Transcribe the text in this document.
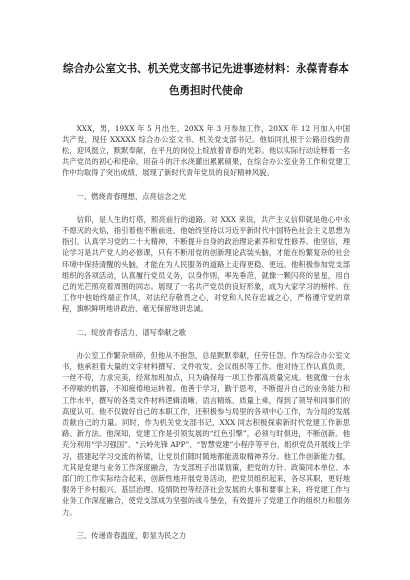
综合办公室文书、机关党支部书记先进事迹材料：永葆青春本色勇担时代使命

XXX，男，19XX 年 5 月出生，20XX 年 3 月参加工作，20XX 年 12 月加入中国共产党，现任 XXXXX 综合办公室文书、机关党支部书记。他如同扎根于公路沿线的青松，迎风挺立，默默奉献，在平凡的岗位上绽放着青春的光彩。他以实际行动诠释着一名共产党员的初心和使命，用奋斗的汗水浇灌出累累硕果，在综合办公室业务工作和党建工作中均取得了突出成绩，展现了新时代青年党员的良好精神风貌。

一、燃烧青春理想，点亮信念之光

信仰，是人生的灯塔，照亮前行的道路。对 XXX 来说，共产主义信仰就是他心中永不熄灭的火焰，指引着他不断前进。他始终坚持以习近平新时代中国特色社会主义思想为指引，认真学习党的二十大精神，不断提升自身的政治理论素养和党性修养。他坚信，理论学习是共产党人的必修课，只有不断用党的创新理论武装头脑，才能在纷繁复杂的社会环境中保持清醒的头脑，才能在为人民服务的道路上走得更稳、更远。他积极参加党支部组织的各项活动，认真履行党员义务，以身作则，率先垂范，就像一颗闪亮的星星，用自己的光芒照亮着周围的同志。展现了一名共产党员的良好形象，成为大家学习的榜样。在工作中他始终端正作风，对法纪存敬畏之心，对党和人民存忠诚之心，严格遵守党的章程，旗帜鲜明地讲政治，毫无保留地讲忠诚。

二、绽放青春活力，谱写奉献之歌

办公室工作繁杂琐碎，但他从不抱怨，总是默默奉献，任劳任怨。作为综合办公室文书，他承担着大量的文字材料撰写、文件收发、会议组织等工作。他对待工作认真负责，一丝不苟，力求完美，经常加班加点，只为确保每一项工作都高质量完成。他就像一台永不停歇的机器，不知疲倦地运转着。他善于学习，勤于思考，不断提升自己的业务能力和工作水平，撰写的各类文件材料逻辑清晰、语言精炼、质量上乘，得到了领导和同事们的高度认可。他不仅做好自己的本职工作，还积极参与局里的各项中心工作，为分局的发展贡献自己的力量。同时，作为机关党支部书记，XXX 同志积极探索新时代党建工作新思路、新方法。他深知，党建工作是引领发展的“红色引擎”，必须与时俱进，不断创新。他充分利用“学习强国”、“云岭先锋 APP”、“智慧党建”小程序等平台，组织党员开展线上学习，搭建起学习交流的桥梁，让党员们随时随地都能汲取精神养分。他工作创新能力强，尤其是党建与业务工作深度融合，为支部班子出谋划策，把党的方针、政策同本单位、本部门的工作实际结合起来，创新性地开展党务活动，把党员组织起来，各尽其职，更好地服务于乡村振兴、基层治理、疫情防控等经济社会发展的大事和要事上来，将党建工作与业务工作深度融合，使党支部成为坚强的战斗堡垒，有效提升了党建工作的组织力和服务力。

三、传递青春温度，彰显为民之力
